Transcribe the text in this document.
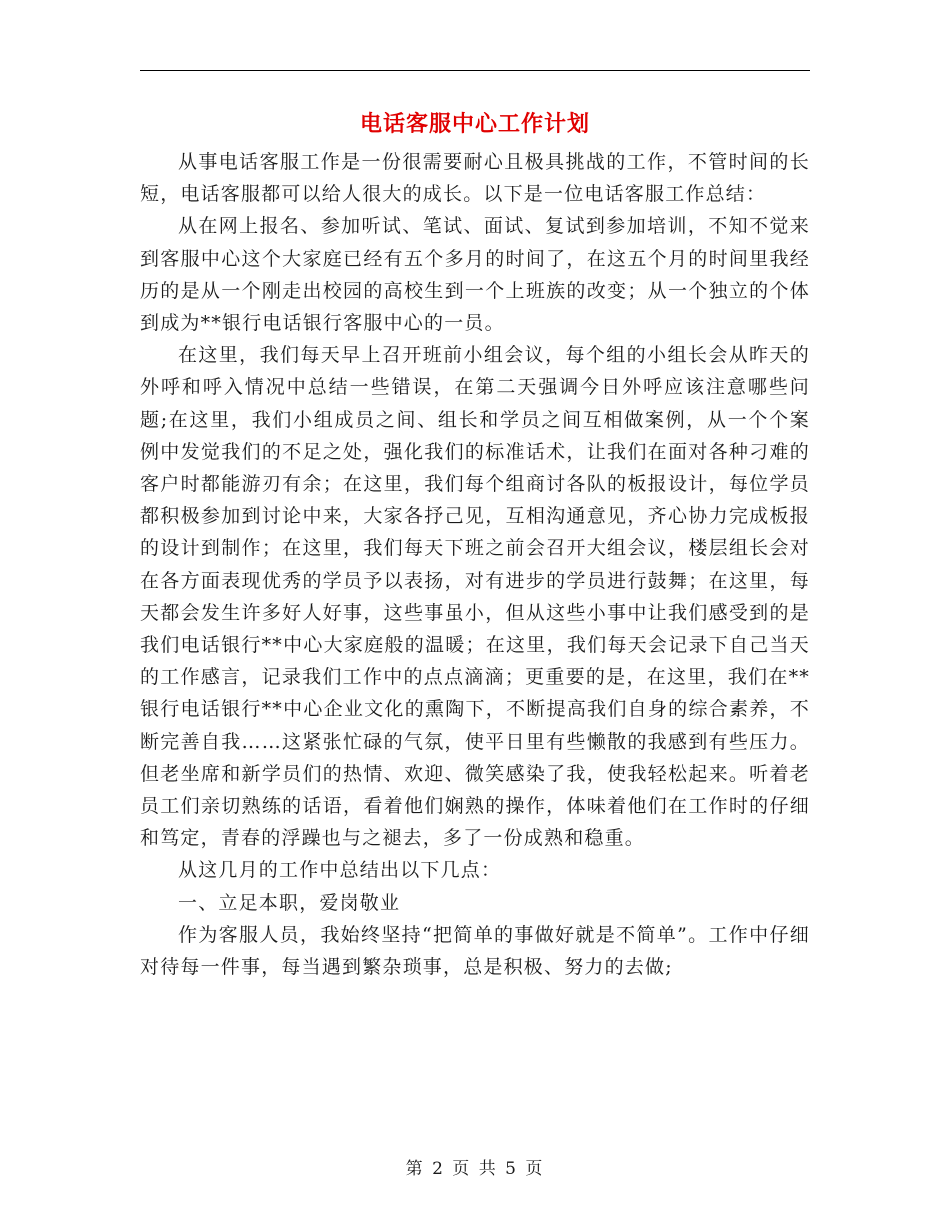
电话客服中心工作计划

从事电话客服工作是一份很需要耐心且极具挑战的工作，不管时间的长短，电话客服都可以给人很大的成长。以下是一位电话客服工作总结：

从在网上报名、参加听试、笔试、面试、复试到参加培训，不知不觉来到客服中心这个大家庭已经有五个多月的时间了，在这五个月的时间里我经历的是从一个刚走出校园的高校生到一个上班族的改变；从一个独立的个体到成为**银行电话银行客服中心的一员。

在这里，我们每天早上召开班前小组会议，每个组的小组长会从昨天的外呼和呼入情况中总结一些错误，在第二天强调今日外呼应该注意哪些问题;在这里，我们小组成员之间、组长和学员之间互相做案例，从一个个案例中发觉我们的不足之处，强化我们的标准话术，让我们在面对各种刁难的客户时都能游刃有余；在这里，我们每个组商讨各队的板报设计，每位学员都积极参加到讨论中来，大家各抒己见，互相沟通意见，齐心协力完成板报的设计到制作；在这里，我们每天下班之前会召开大组会议，楼层组长会对在各方面表现优秀的学员予以表扬，对有进步的学员进行鼓舞；在这里，每天都会发生许多好人好事，这些事虽小，但从这些小事中让我们感受到的是我们电话银行**中心大家庭般的温暖；在这里，我们每天会记录下自己当天的工作感言，记录我们工作中的点点滴滴；更重要的是，在这里，我们在**银行电话银行**中心企业文化的熏陶下，不断提高我们自身的综合素养，不断完善自我……这紧张忙碌的气氛，使平日里有些懒散的我感到有些压力。但老坐席和新学员们的热情、欢迎、微笑感染了我，使我轻松起来。听着老员工们亲切熟练的话语，看着他们娴熟的操作，体味着他们在工作时的仔细和笃定，青春的浮躁也与之褪去，多了一份成熟和稳重。

从这几月的工作中总结出以下几点：

一、立足本职，爱岗敬业

作为客服人员，我始终坚持“把简单的事做好就是不简单”。工作中仔细对待每一件事，每当遇到繁杂琐事，总是积极、努力的去做;

第 2 页 共 5 页
